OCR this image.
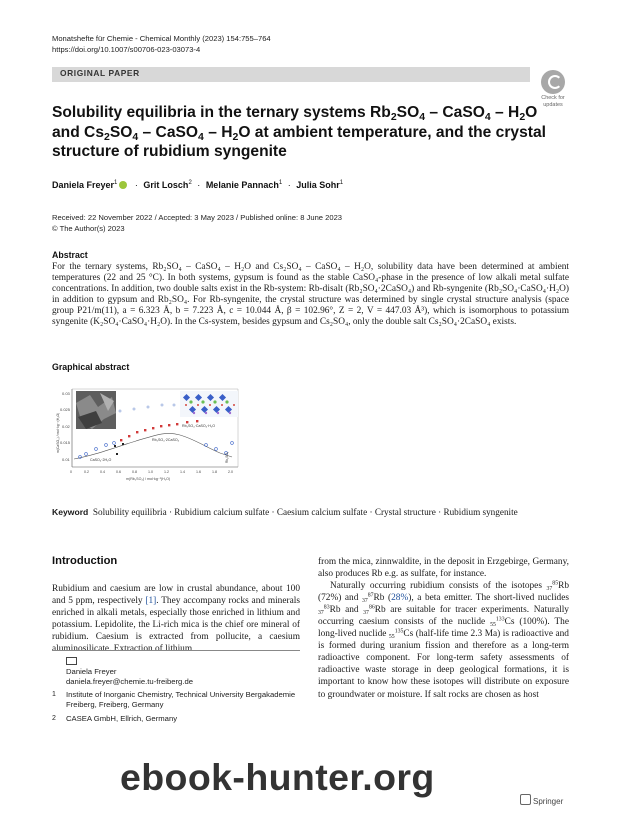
Monatshefte für Chemie - Chemical Monthly (2023) 154:755–764
https://doi.org/10.1007/s00706-023-03073-4
ORIGINAL PAPER
Check for updates
Solubility equilibria in the ternary systems $Rb_2SO_4$ – CaSO$_4$ – $H_2O$ and $Cs_2SO_4$ – CaSO$_4$ – $H_2O$ at ambient temperature, and the crystal structure of rubidium syngenite
Daniela Freyer$^1$ · Grit Losch$^2$ · Melanie Pannach$^1$ · Julia Sohr$^1$
Received: 22 November 2022 / Accepted: 3 May 2023 / Published online: 8 June 2023
© The Author(s) 2023
Abstract
For the ternary systems, Rb₂SO₄ – CaSO₄ – H₂O and Cs₂SO₄ – CaSO₄ – H₂O, solubility data have been determined at ambient temperatures (22 and 25 °C). In both systems, gypsum is found as the stable CaSO₄-phase in the presence of low alkali metal sulfate concentrations. In addition, two double salts exist in the Rb-system: Rb-disalt (Rb₂SO₄·2CaSO₄) and Rb-syngenite (Rb₂SO₄·CaSO₄·H₂O) in addition to gypsum and Rb₂SO₄. For Rb-syngenite, the crystal structure was determined by single crystal structure analysis (space group P21/m(11), a = 6.323 Å, b = 7.223 Å, c = 10.044 Å, β = 102.96°, Z = 2, V = 447.03 Å³), which is isomorphous to potassium syngenite (K₂SO₄·CaSO₄·H₂O). In the Cs-system, besides gypsum and Cs₂SO₄, only the double salt Cs₂SO₄·2CaSO₄ exists.
Graphical abstract
0.03
0.025
0.02
0.015
0.01
0	0.2	0.4	0.6	0.8	1.0	1.2	1.4	1.6	1.8	2.0
m(Rb₂SO₄) / mol·kg⁻¹(H₂O)
m(CaSO₄) / mol·kg⁻¹(H₂O)
CaSO₄·2H₂O
Rb₂SO₄·2CaSO₄
Rb₂SO₄·CaSO₄·H₂O
Rb₂SO₄
Keyword Solubility equilibria · Rubidium calcium sulfate · Caesium calcium sulfate · Crystal structure · Rubidium syngenite
Introduction
Rubidium and caesium are low in crustal abundance, about 100 and 5 ppm, respectively [1]. They accompany rocks and minerals enriched in alkali metals, especially those enriched in lithium and potassium. Lepidolite, the Li-rich mica is the chief ore mineral of rubidium. Caesium is extracted from pollucite, a caesium aluminosilicate. Extraction of lithium
Daniela Freyer
daniela.freyer@chemie.tu-freiberg.de
1 Institute of Inorganic Chemistry, Technical University Bergakademie Freiberg, Freiberg, Germany
2 CASEA GmbH, Ellrich, Germany
from the mica, zinnwaldite, in the deposit in Erzgebirge, Germany, also produces Rb e.g. as sulfate, for instance.
Naturally occurring rubidium consists of the isotopes $_{37}^{85}$Rb (72%) and $_{37}^{87}$Rb (28%), a beta emitter. The short-lived nuclides $_{37}^{83}$Rb and $_{37}^{86}$Rb are suitable for tracer experiments. Naturally occurring caesium consists of the nuclide $_{55}^{133}$Cs (100%). The long-lived nuclide $_{55}^{135}$Cs (half-life time 2.3 Ma) is radioactive and is formed during uranium fission and therefore as a long-term radioactive component. For long-term safety assessments of radioactive waste storage in deep geological formations, it is important to know how these isotopes will distribute on exposure to groundwater or moisture. If salt rocks are chosen as host
Springer
ebook-hunter.org
